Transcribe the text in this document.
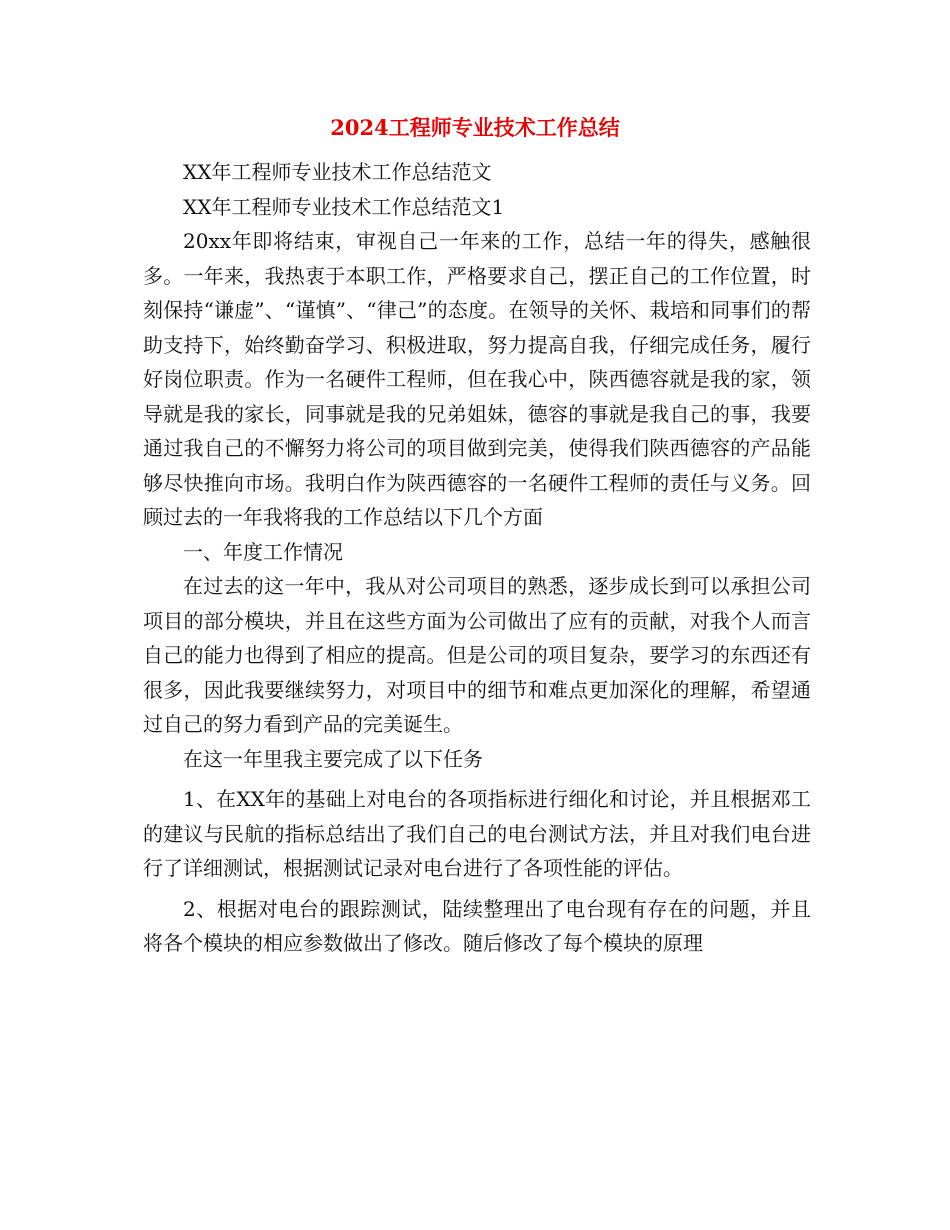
2024工程师专业技术工作总结

XX年工程师专业技术工作总结范文

XX年工程师专业技术工作总结范文1

20xx年即将结束，审视自己一年来的工作，总结一年的得失，感触很多。一年来，我热衷于本职工作，严格要求自己，摆正自己的工作位置，时刻保持“谦虚”、“谨慎”、“律己”的态度。在领导的关怀、栽培和同事们的帮助支持下，始终勤奋学习、积极进取，努力提高自我，仔细完成任务，履行好岗位职责。作为一名硬件工程师，但在我心中，陕西德容就是我的家，领导就是我的家长，同事就是我的兄弟姐妹，德容的事就是我自己的事，我要通过我自己的不懈努力将公司的项目做到完美，使得我们陕西德容的产品能够尽快推向市场。我明白作为陕西德容的一名硬件工程师的责任与义务。回顾过去的一年我将我的工作总结以下几个方面

一、年度工作情况

在过去的这一年中，我从对公司项目的熟悉，逐步成长到可以承担公司项目的部分模块，并且在这些方面为公司做出了应有的贡献，对我个人而言自己的能力也得到了相应的提高。但是公司的项目复杂，要学习的东西还有很多，因此我要继续努力，对项目中的细节和难点更加深化的理解，希望通过自己的努力看到产品的完美诞生。

在这一年里我主要完成了以下任务

1、在XX年的基础上对电台的各项指标进行细化和讨论，并且根据邓工的建议与民航的指标总结出了我们自己的电台测试方法，并且对我们电台进行了详细测试，根据测试记录对电台进行了各项性能的评估。

2、根据对电台的跟踪测试，陆续整理出了电台现有存在的问题，并且将各个模块的相应参数做出了修改。随后修改了每个模块的原理
